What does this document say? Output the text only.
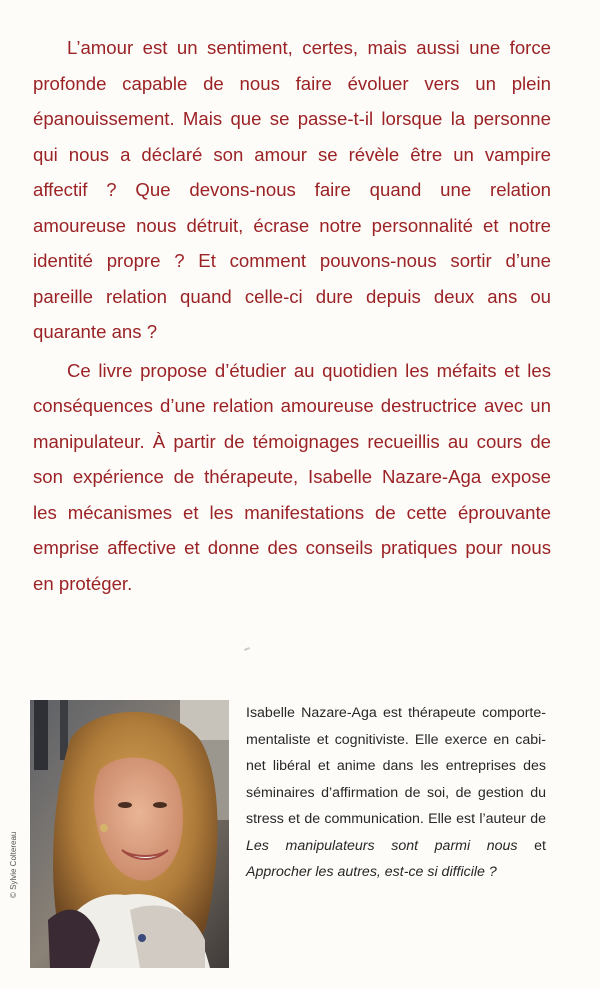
L’amour est un sentiment, certes, mais aussi une force profonde capable de nous faire évoluer vers un plein épanouissement. Mais que se passe-t-il lorsque la personne qui nous a déclaré son amour se révèle être un vampire affectif ? Que devons-nous faire quand une relation amoureuse nous détruit, écrase notre personnalité et notre identité propre ? Et comment pouvons-nous sortir d’une pareille relation quand celle-ci dure depuis deux ans ou quarante ans ?

Ce livre propose d’étudier au quotidien les méfaits et les conséquences d’une relation amoureuse destructrice avec un manipulateur. À partir de témoignages recueillis au cours de son expérience de thérapeute, Isabelle Nazare-Aga expose les mécanismes et les manifestations de cette éprouvante emprise affective et donne des conseils pratiques pour nous en protéger.

© Sylvie Coltereau
Isabelle Nazare-Aga est thérapeute comportementaliste et cognitiviste. Elle exerce en cabinet libéral et anime dans les entreprises des séminaires d’affirmation de soi, de gestion du stress et de communication. Elle est l’auteur de Les manipulateurs sont parmi nous et Approcher les autres, est-ce si difficile ?
